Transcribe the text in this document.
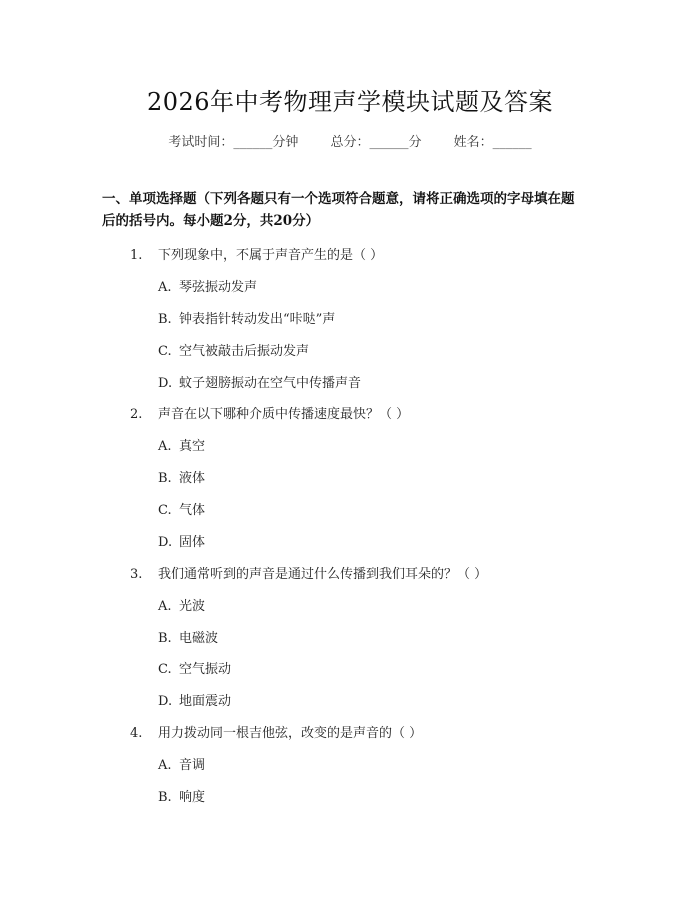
2026年中考物理声学模块试题及答案
考试时间：______分钟 总分：______分 姓名：______
一、单项选择题（下列各题只有一个选项符合题意，请将正确选项的字母填在题
后的括号内。每小题2分，共20分）
1. 下列现象中，不属于声音产生的是（ ）
A. 琴弦振动发声
B. 钟表指针转动发出“咔哒”声
C. 空气被敲击后振动发声
D. 蚊子翅膀振动在空气中传播声音
2. 声音在以下哪种介质中传播速度最快？（ ）
A. 真空
B. 液体
C. 气体
D. 固体
3. 我们通常听到的声音是通过什么传播到我们耳朵的？（ ）
A. 光波
B. 电磁波
C. 空气振动
D. 地面震动
4. 用力拨动同一根吉他弦，改变的是声音的（ ）
A. 音调
B. 响度
